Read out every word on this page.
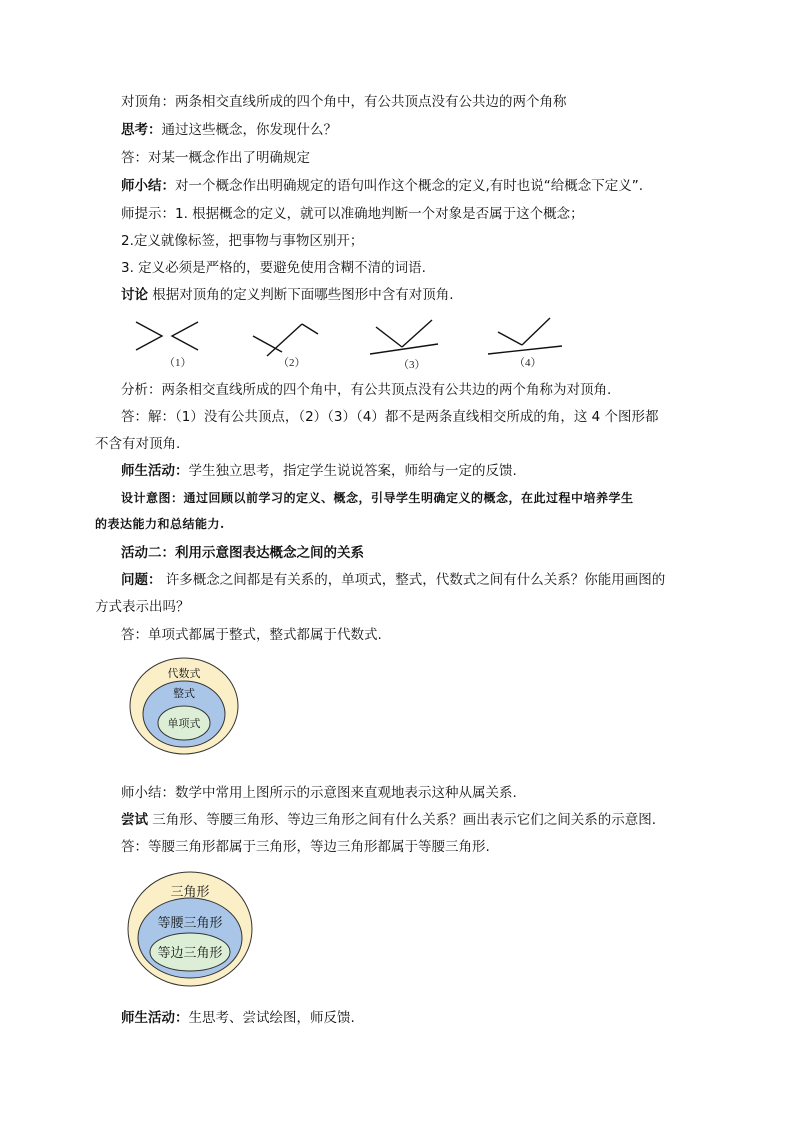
对顶角：两条相交直线所成的四个角中，有公共顶点没有公共边的两个角称
思考：通过这些概念，你发现什么？
答：对某一概念作出了明确规定
师小结：对一个概念作出明确规定的语句叫作这个概念的定义,有时也说“给概念下定义”.
师提示：1. 根据概念的定义，就可以准确地判断一个对象是否属于这个概念；
2.定义就像标签，把事物与事物区别开；
3. 定义必须是严格的，要避免使用含糊不清的词语.
讨论 根据对顶角的定义判断下面哪些图形中含有对顶角.
（1）	（2）	（3）	（4）
分析：两条相交直线所成的四个角中，有公共顶点没有公共边的两个角称为对顶角.
答：解：（1）没有公共顶点，（2）（3）（4）都不是两条直线相交所成的角，这 4 个图形都
不含有对顶角.
师生活动：学生独立思考，指定学生说说答案，师给与一定的反馈.
设计意图：通过回顾以前学习的定义、概念，引导学生明确定义的概念，在此过程中培养学生
的表达能力和总结能力.
活动二：利用示意图表达概念之间的关系
问题： 许多概念之间都是有关系的，单项式，整式，代数式之间有什么关系？你能用画图的
方式表示出吗？
答：单项式都属于整式，整式都属于代数式.
代数式
整式
单项式
师小结：数学中常用上图所示的示意图来直观地表示这种从属关系.
尝试 三角形、等腰三角形、等边三角形之间有什么关系？画出表示它们之间关系的示意图.
答：等腰三角形都属于三角形，等边三角形都属于等腰三角形.
三角形
等腰三角形
等边三角形
师生活动：生思考、尝试绘图，师反馈.
